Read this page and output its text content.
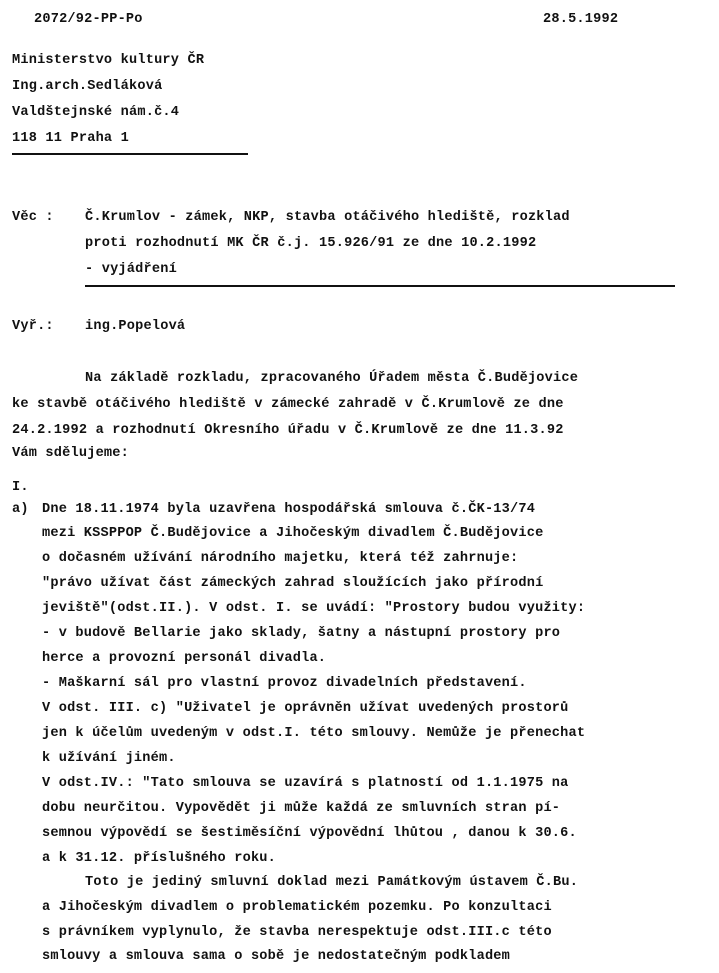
2072/92-PP-Po	28.5.1992
Ministerstvo kultury ČR
Ing.arch.Sedláková
Valdštejnské nám.č.4
118 11 Praha 1
Věc : Č.Krumlov - zámek, NKP, stavba otáčivého hlediště, rozklad
proti rozhodnutí MK ČR č.j. 15.926/91 ze dne 10.2.1992
- vyjádření
Vyř.: ing.Popelová
Na základě rozkladu, zpracovaného Úřadem města Č.Budějovice
ke stavbě otáčivého hlediště v zámecké zahradě v Č.Krumlově ze dne
24.2.1992 a rozhodnutí Okresního úřadu v Č.Krumlově ze dne 11.3.92
Vám sdělujeme:
I.
a) Dne 18.11.1974 byla uzavřena hospodářská smlouva č.ČK-13/74
mezi KSSPPOP Č.Budějovice a Jihočeským divadlem Č.Budějovice
o dočasném užívání národního majetku, která též zahrnuje:
"právo užívat část zámeckých zahrad sloužících jako přírodní
jeviště"(odst.II.). V odst. I. se uvádí: "Prostory budou využity:
- v budově Bellarie jako sklady, šatny a nástupní prostory pro
herce a provozní personál divadla.
- Maškarní sál pro vlastní provoz divadelních představení.
V odst. III. c) "Uživatel je oprávněn užívat uvedených prostorů
jen k účelům uvedeným v odst.I. této smlouvy. Nemůže je přenechat
k užívání jiném.
V odst.IV.: "Tato smlouva se uzavírá s platností od 1.1.1975 na
dobu neurčitou. Vypovědět ji může každá ze smluvních stran pí-
semnou výpovědí se šestiměsíční výpovědní lhůtou , danou k 30.6.
a k 31.12. příslušného roku.
Toto je jediný smluvní doklad mezi Památkovým ústavem Č.Bu.
a Jihočeským divadlem o problematickém pozemku. Po konzultaci
s právníkem vyplynulo, že stavba nerespektuje odst.III.c této
smlouvy a smlouva sama o sobě je nedostatečným podkladem
